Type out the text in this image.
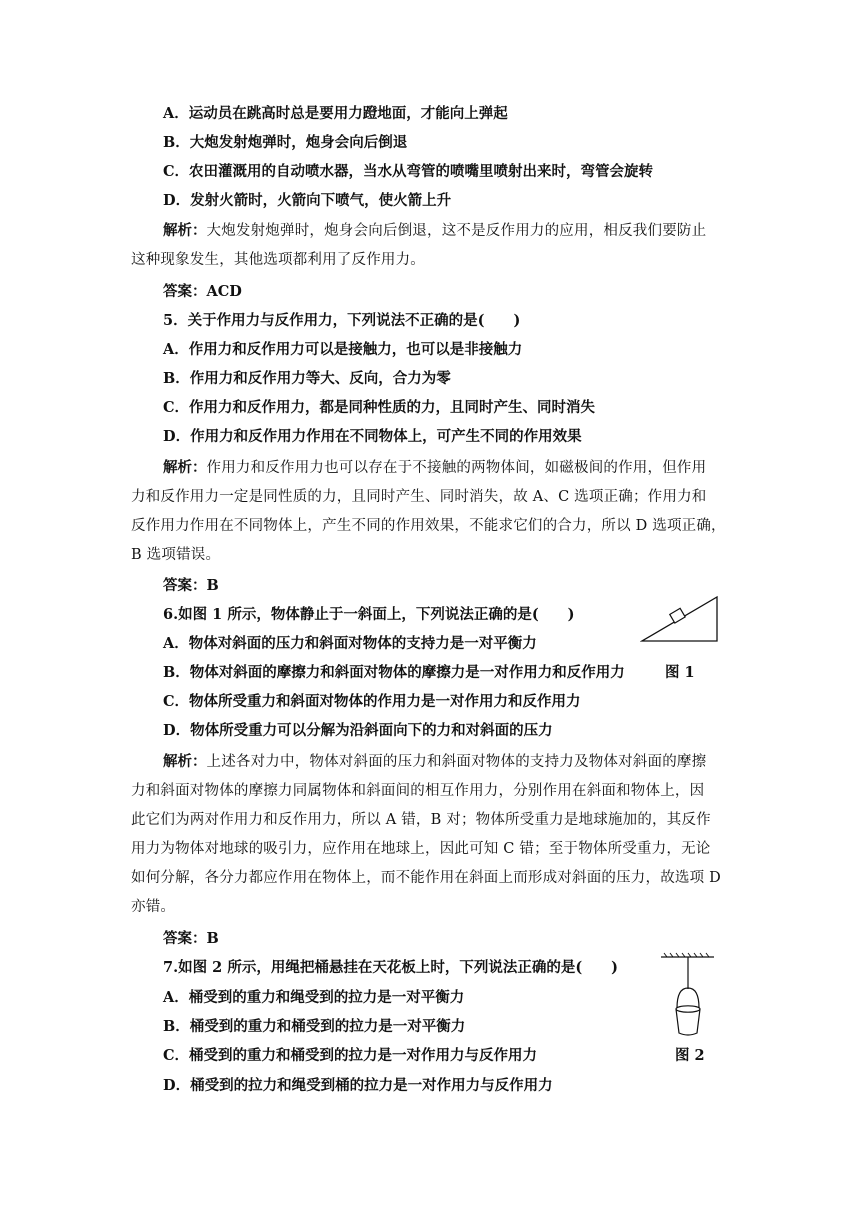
A．运动员在跳高时总是要用力蹬地面，才能向上弹起
B．大炮发射炮弹时，炮身会向后倒退
C．农田灌溉用的自动喷水器，当水从弯管的喷嘴里喷射出来时，弯管会旋转
D．发射火箭时，火箭向下喷气，使火箭上升
解析：大炮发射炮弹时，炮身会向后倒退，这不是反作用力的应用，相反我们要防止
这种现象发生，其他选项都利用了反作用力。
答案：ACD
5．关于作用力与反作用力，下列说法不正确的是(　　)
A．作用力和反作用力可以是接触力，也可以是非接触力
B．作用力和反作用力等大、反向，合力为零
C．作用力和反作用力，都是同种性质的力，且同时产生、同时消失
D．作用力和反作用力作用在不同物体上，可产生不同的作用效果
解析：作用力和反作用力也可以存在于不接触的两物体间，如磁极间的作用，但作用
力和反作用力一定是同性质的力，且同时产生、同时消失，故 A、C 选项正确；作用力和
反作用力作用在不同物体上，产生不同的作用效果，不能求它们的合力，所以 D 选项正确，
B 选项错误。
答案：B
6.如图 1 所示，物体静止于一斜面上，下列说法正确的是(　　)
A．物体对斜面的压力和斜面对物体的支持力是一对平衡力
B．物体对斜面的摩擦力和斜面对物体的摩擦力是一对作用力和反作用力	图 1
C．物体所受重力和斜面对物体的作用力是一对作用力和反作用力
D．物体所受重力可以分解为沿斜面向下的力和对斜面的压力
解析：上述各对力中，物体对斜面的压力和斜面对物体的支持力及物体对斜面的摩擦
力和斜面对物体的摩擦力同属物体和斜面间的相互作用力，分别作用在斜面和物体上，因
此它们为两对作用力和反作用力，所以 A 错，B 对；物体所受重力是地球施加的，其反作
用力为物体对地球的吸引力，应作用在地球上，因此可知 C 错；至于物体所受重力，无论
如何分解，各分力都应作用在物体上，而不能作用在斜面上而形成对斜面的压力，故选项 D
亦错。
答案：B
7.如图 2 所示，用绳把桶悬挂在天花板上时，下列说法正确的是(　　)
A．桶受到的重力和绳受到的拉力是一对平衡力
B．桶受到的重力和桶受到的拉力是一对平衡力
C．桶受到的重力和桶受到的拉力是一对作用力与反作用力	图 2
D．桶受到的拉力和绳受到桶的拉力是一对作用力与反作用力
